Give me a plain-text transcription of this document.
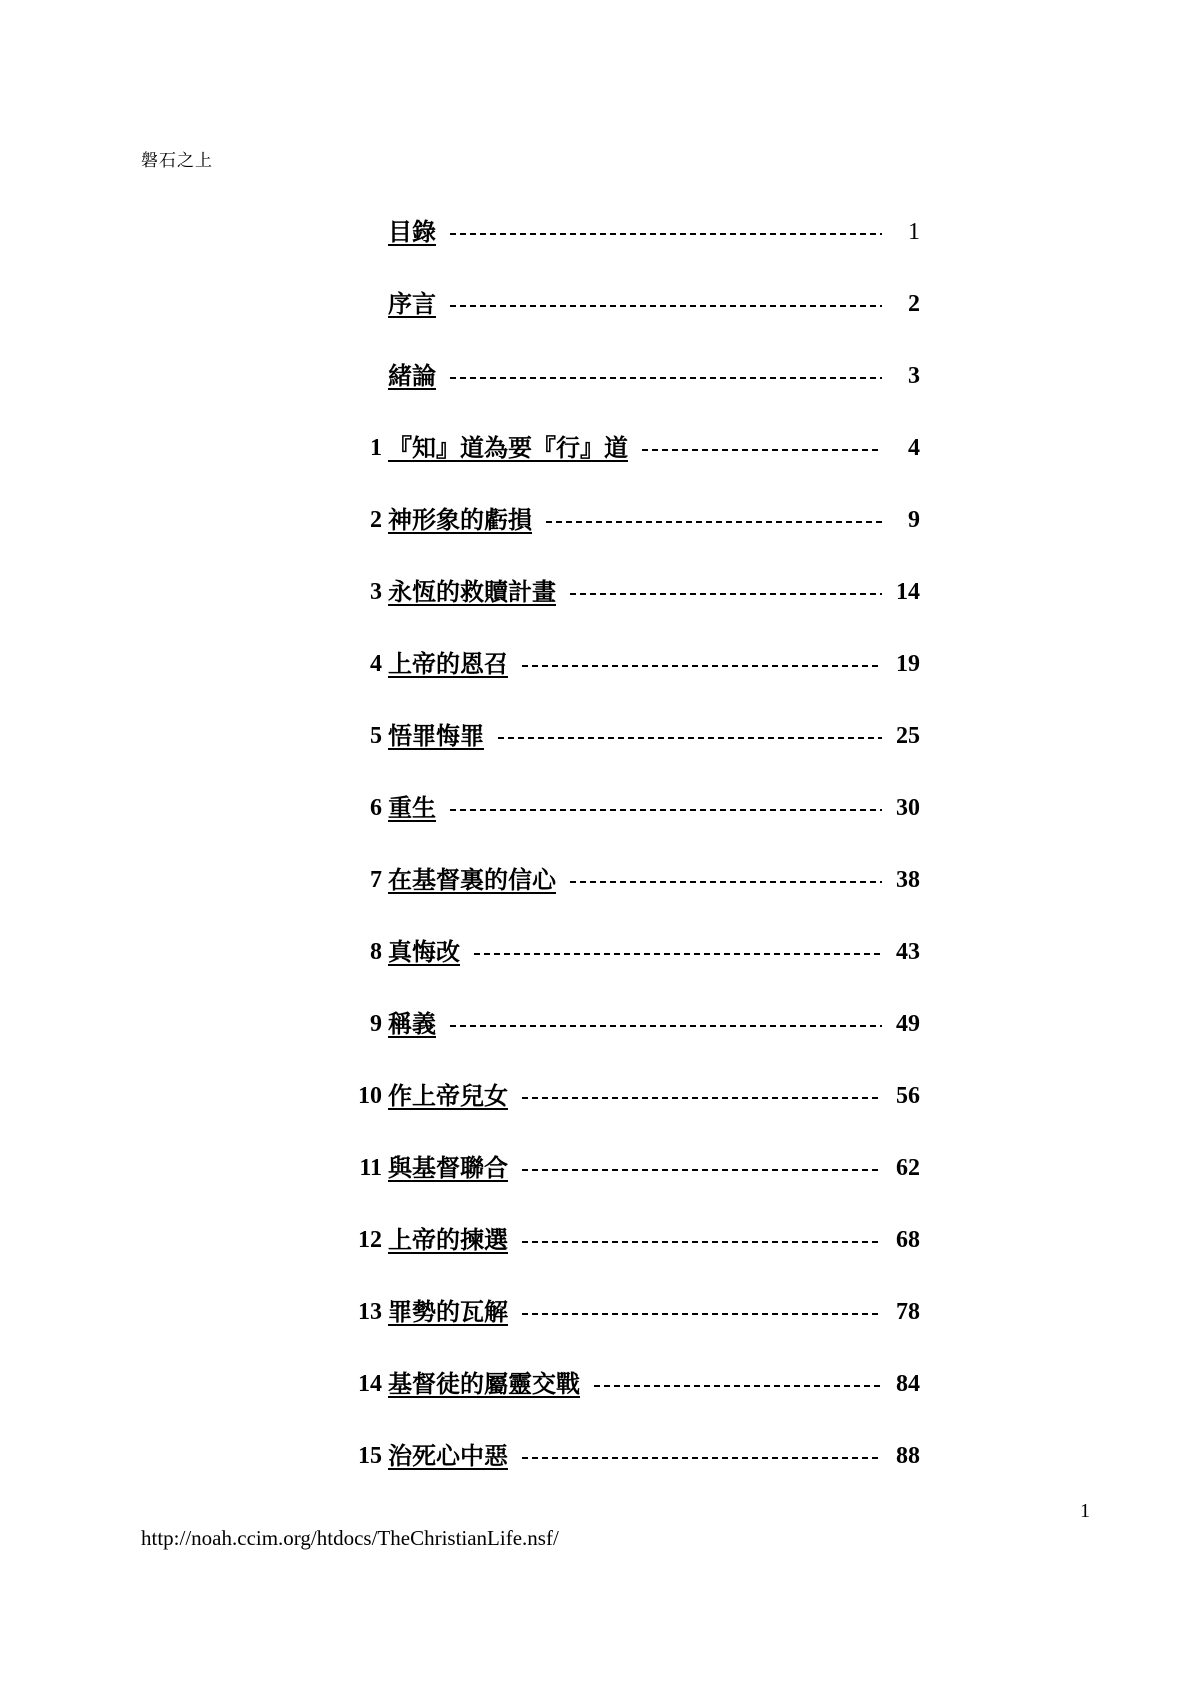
磐石之上
目錄	1
序言	2
緒論	3
1 『知』道為要『行』道	4
2 神形象的虧損	9
3 永恆的救贖計畫	14
4 上帝的恩召	19
5 悟罪悔罪	25
6 重生	30
7 在基督裏的信心	38
8 真悔改	43
9 稱義	49
10 作上帝兒女	56
11 與基督聯合	62
12 上帝的揀選	68
13 罪勢的瓦解	78
14 基督徒的屬靈交戰	84
15 治死心中惡	88
1
http://noah.ccim.org/htdocs/TheChristianLife.nsf/
